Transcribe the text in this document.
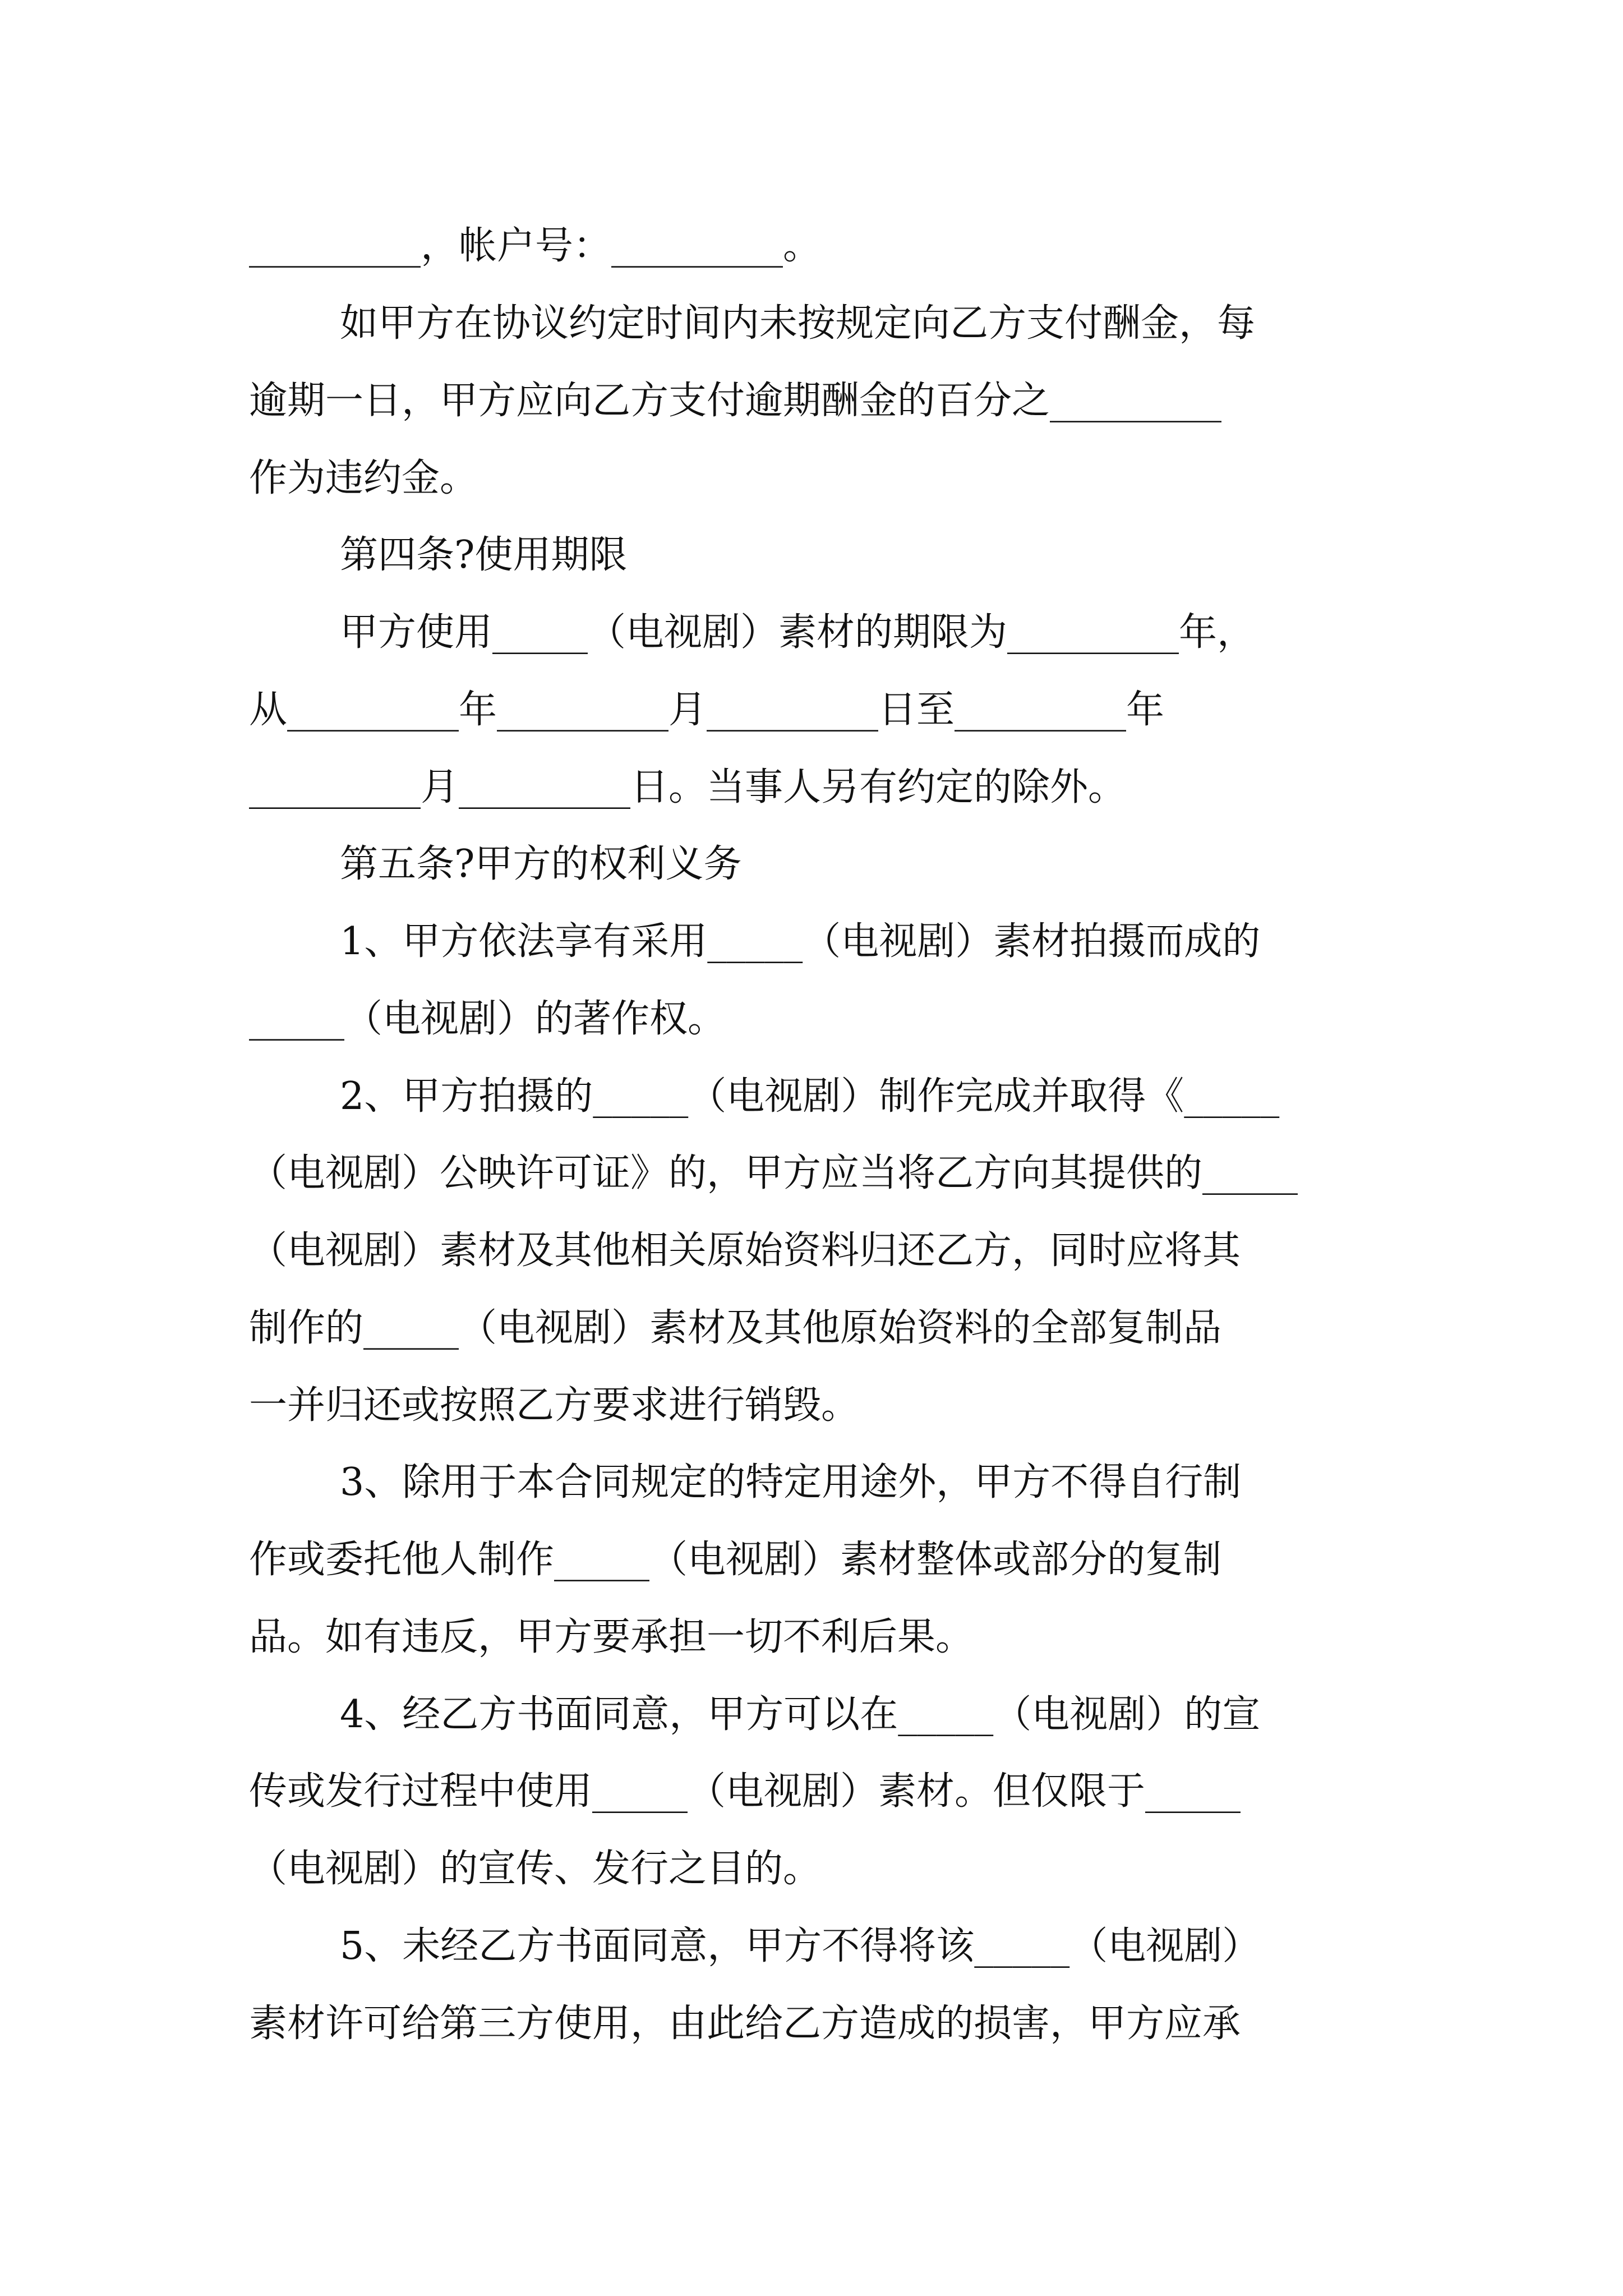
_________，帐户号：_________。
如甲方在协议约定时间内未按规定向乙方支付酬金，每
逾期一日，甲方应向乙方支付逾期酬金的百分之_________
作为违约金。
第四条?使用期限
甲方使用_____（电视剧）素材的期限为_________年，
从_________年_________月_________日至_________年
_________月_________日。当事人另有约定的除外。
第五条?甲方的权利义务
1、甲方依法享有采用_____（电视剧）素材拍摄而成的
_____（电视剧）的著作权。
2、甲方拍摄的_____（电视剧）制作完成并取得《_____
（电视剧）公映许可证》的，甲方应当将乙方向其提供的_____
（电视剧）素材及其他相关原始资料归还乙方，同时应将其
制作的_____（电视剧）素材及其他原始资料的全部复制品
一并归还或按照乙方要求进行销毁。
3、除用于本合同规定的特定用途外，甲方不得自行制
作或委托他人制作_____（电视剧）素材整体或部分的复制
品。如有违反，甲方要承担一切不利后果。
4、经乙方书面同意，甲方可以在_____（电视剧）的宣
传或发行过程中使用_____（电视剧）素材。但仅限于_____
（电视剧）的宣传、发行之目的。
5、未经乙方书面同意，甲方不得将该_____（电视剧）
素材许可给第三方使用，由此给乙方造成的损害，甲方应承
